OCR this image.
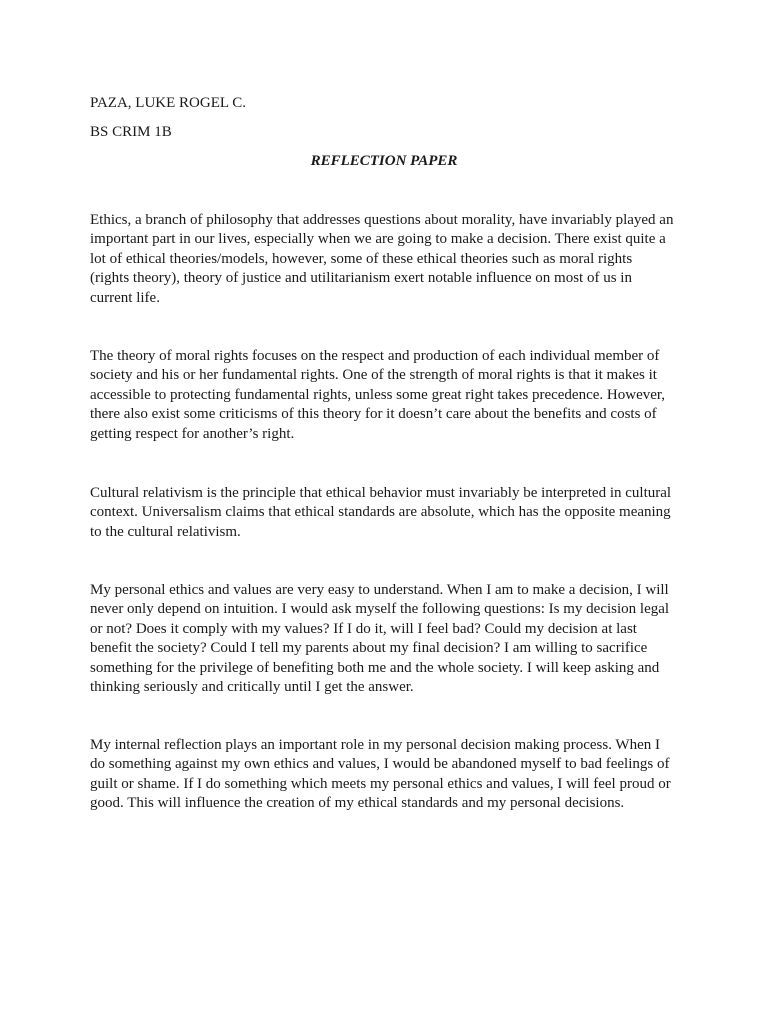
PAZA, LUKE ROGEL C.

BS CRIM 1B

REFLECTION PAPER

Ethics, a branch of philosophy that addresses questions about morality, have invariably played an
important part in our lives, especially when we are going to make a decision. There exist quite a
lot of ethical theories/models, however, some of these ethical theories such as moral rights
(rights theory), theory of justice and utilitarianism exert notable influence on most of us in
current life.
The theory of moral rights focuses on the respect and production of each individual member of
society and his or her fundamental rights. One of the strength of moral rights is that it makes it
accessible to protecting fundamental rights, unless some great right takes precedence. However,
there also exist some criticisms of this theory for it doesn’t care about the benefits and costs of
getting respect for another’s right.
Cultural relativism is the principle that ethical behavior must invariably be interpreted in cultural
context. Universalism claims that ethical standards are absolute, which has the opposite meaning
to the cultural relativism.
My personal ethics and values are very easy to understand. When I am to make a decision, I will
never only depend on intuition. I would ask myself the following questions: Is my decision legal
or not? Does it comply with my values? If I do it, will I feel bad? Could my decision at last
benefit the society? Could I tell my parents about my final decision? I am willing to sacrifice
something for the privilege of benefiting both me and the whole society. I will keep asking and
thinking seriously and critically until I get the answer.
My internal reflection plays an important role in my personal decision making process. When I
do something against my own ethics and values, I would be abandoned myself to bad feelings of
guilt or shame. If I do something which meets my personal ethics and values, I will feel proud or
good. This will influence the creation of my ethical standards and my personal decisions.
